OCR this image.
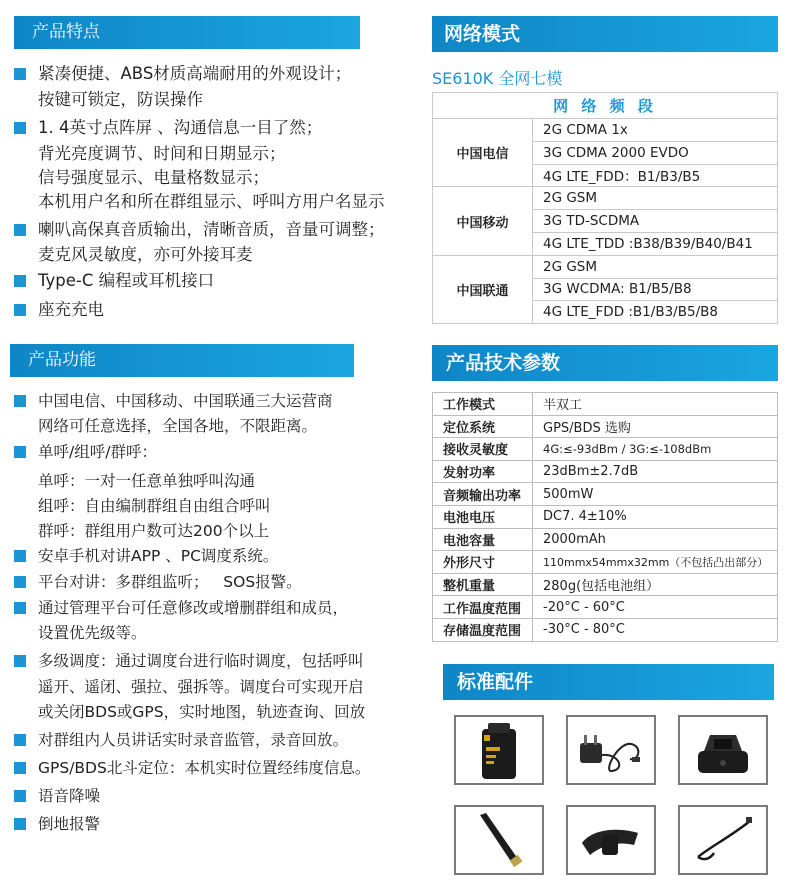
产品特点
紧凑便捷、ABS材质高端耐用的外观设计；
按键可锁定，防误操作
1. 4英寸点阵屏 、沟通信息一目了然；
背光亮度调节、时间和日期显示；
信号强度显示、电量格数显示；
本机用户名和所在群组显示、呼叫方用户名显示
喇叭高保真音质输出，清晰音质，音量可调整；
麦克风灵敏度，亦可外接耳麦
Type-C 编程或耳机接口
座充充电
产品功能
中国电信、中国移动、中国联通三大运营商
网络可任意选择，全国各地，不限距离。
单呼/组呼/群呼：
单呼：一对一任意单独呼叫沟通
组呼：自由编制群组自由组合呼叫
群呼：群组用户数可达200个以上
安卓手机对讲APP 、PC调度系统。
平台对讲：多群组监听；   SOS报警。
通过管理平台可任意修改或增删群组和成员，
设置优先级等。
多级调度：通过调度台进行临时调度，包括呼叫
遥开、遥闭、强拉、强拆等。调度台可实现开启
或关闭BDS或GPS，实时地图，轨迹查询、回放
对群组内人员讲话实时录音监管，录音回放。
GPS/BDS北斗定位：本机实时位置经纬度信息。
语音降噪
倒地报警
网络模式
SE610K 全网七模
网 络 频 段	
中国电信	2G CDMA 1x
	3G CDMA 2000 EVDO
	4G LTE_FDD：B1/B3/B5
中国移动	2G GSM
	3G TD-SCDMA
	4G LTE_TDD :B38/B39/B40/B41
中国联通	2G GSM
	3G WCDMA: B1/B5/B8
	4G LTE_FDD :B1/B3/B5/B8
产品技术参数
工作模式	半双工
定位系统	GPS/BDS 选购
接收灵敏度	4G:≤-93dBm / 3G:≤-108dBm
发射功率	23dBm±2.7dB
音频输出功率	500mW
电池电压	DC7. 4±10%
电池容量	2000mAh
外形尺寸	110mmx54mmx32mm（不包括凸出部分）
整机重量	280g(包括电池组）
工作温度范围	-20°C - 60°C
存储温度范围	-30°C - 80°C
标准配件
